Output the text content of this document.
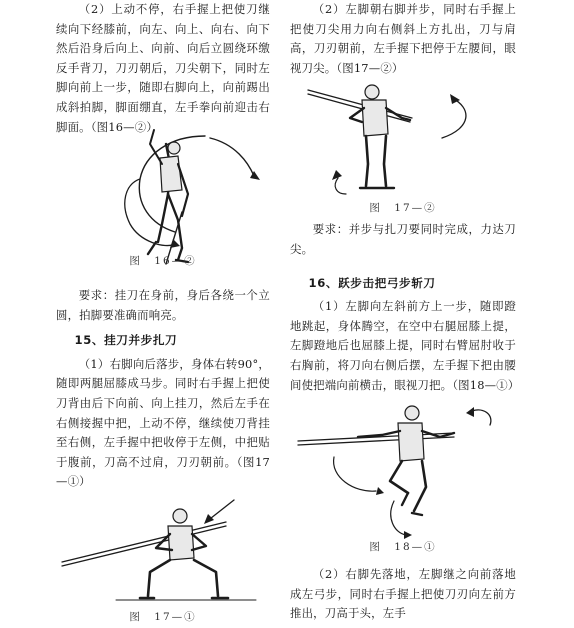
（2）上动不停，右手握上把使刀继续向下经膝前，向左、向上、向右、向下然后沿身后向上、向前、向后立圆绕环缴反手背刀，刀刃朝后，刀尖朝下，同时左脚向前上一步，随即右脚向上，向前踢出成斜拍脚，脚面绷直，左手拳向前迎击右脚面。（图16—②）

图　16—②

要求：挂刀在身前，身后各绕一个立圆，拍脚要准确而响亮。

15、挂刀并步扎刀

（1）右脚向后落步，身体右转90°，随即两腿屈膝成马步。同时右手握上把使刀背由后下向前、向上挂刀，然后左手在右侧接握中把，上动不停，继续使刀背挂至右侧，左手握中把收停于左侧，中把贴于腹前，刀高不过肩，刀刃朝前。（图17—①）

图　17—①

（2）左脚朝右脚并步，同时右手握上把使刀尖用力向右侧斜上方扎出，刀与肩高，刀刃朝前，左手握下把停于左腰间，眼视刀尖。（图17—②）

图　17—②

要求：并步与扎刀要同时完成，力达刀尖。

16、跃步击把弓步斩刀

（1）左脚向左斜前方上一步，随即蹬地跳起，身体腾空，在空中右腿屈膝上提，左脚蹬地后也屈膝上提，同时右臂屈肘收于右胸前，将刀向右侧后摆，左手握下把由腰间使把端向前横击，眼视刀把。（图18—①）

图　18—①

（2）右脚先落地，左脚继之向前落地成左弓步，同时右手握上把使刀刃向左前方推出，刀高于头，左手
